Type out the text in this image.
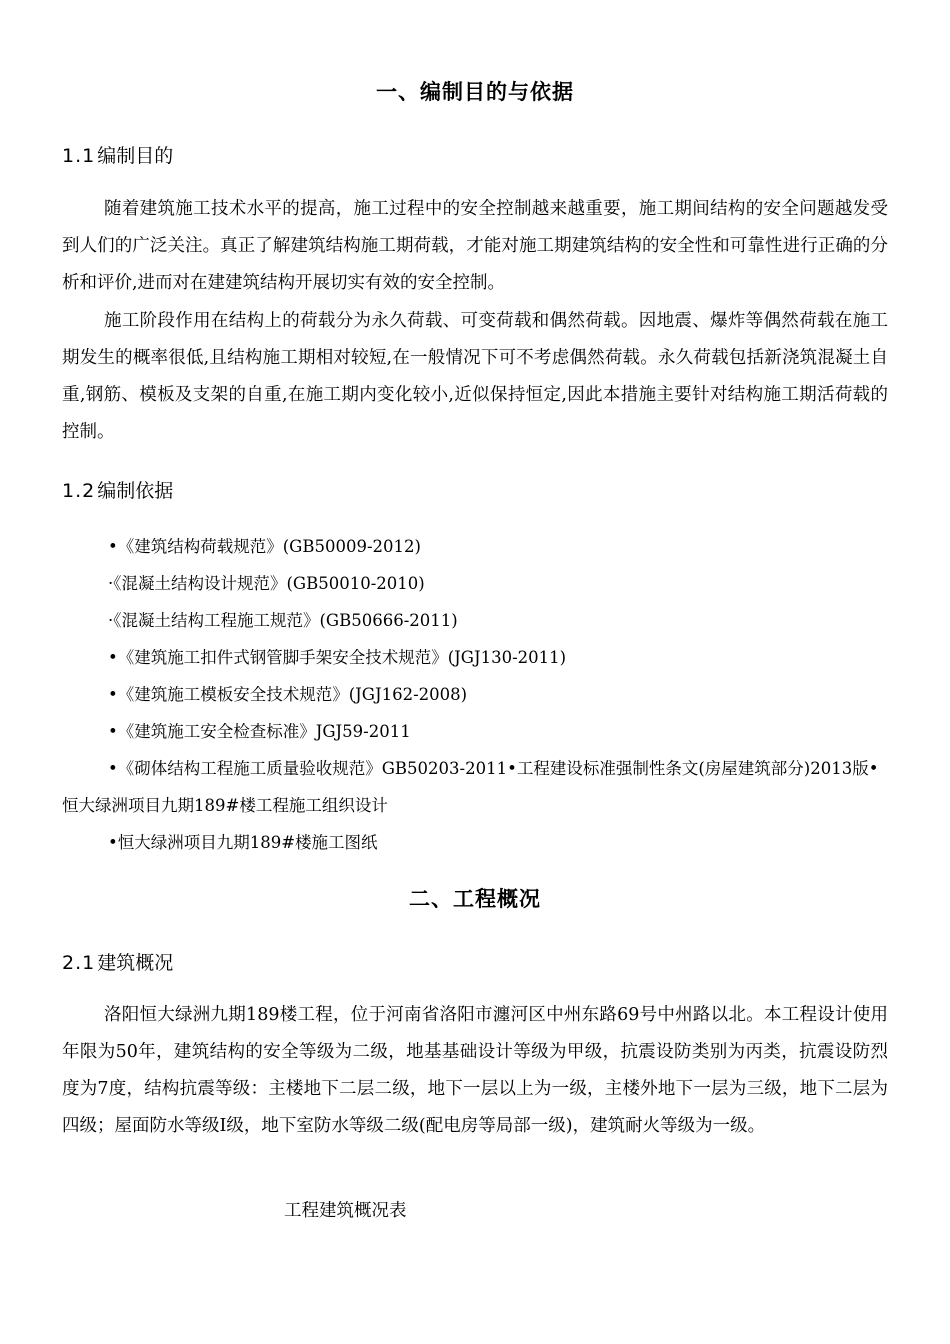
一、编制目的与依据
1.1 编制目的
随着建筑施工技术水平的提高，施工过程中的安全控制越来越重要，施工期间结构的安全问题越发受到人们的广泛关注。真正了解建筑结构施工期荷载，才能对施工期建筑结构的安全性和可靠性进行正确的分析和评价,进而对在建建筑结构开展切实有效的安全控制。
施工阶段作用在结构上的荷载分为永久荷载、可变荷载和偶然荷载。因地震、爆炸等偶然荷载在施工期发生的概率很低,且结构施工期相对较短,在一般情况下可不考虑偶然荷载。永久荷载包括新浇筑混凝土自重,钢筋、模板及支架的自重,在施工期内变化较小,近似保持恒定,因此本措施主要针对结构施工期活荷载的控制。
1.2 编制依据
•《建筑结构荷载规范》(GB50009-2012)
·《混凝土结构设计规范》(GB50010-2010)
·《混凝土结构工程施工规范》(GB50666-2011)
•《建筑施工扣件式钢管脚手架安全技术规范》(JGJ130-2011)
•《建筑施工模板安全技术规范》(JGJ162-2008)
•《建筑施工安全检查标准》JGJ59-2011
•《砌体结构工程施工质量验收规范》GB50203-2011•工程建设标准强制性条文(房屋建筑部分)2013版•恒大绿洲项目九期189#楼工程施工组织设计
•恒大绿洲项目九期189#楼施工图纸
二、工程概况
2.1 建筑概况
洛阳恒大绿洲九期189楼工程，位于河南省洛阳市瀍河区中州东路69号中州路以北。本工程设计使用年限为50年，建筑结构的安全等级为二级，地基基础设计等级为甲级，抗震设防类别为丙类，抗震设防烈度为7度，结构抗震等级：主楼地下二层二级，地下一层以上为一级，主楼外地下一层为三级，地下二层为四级；屋面防水等级Ⅰ级，地下室防水等级二级(配电房等局部一级)，建筑耐火等级为一级。
工程建筑概况表
